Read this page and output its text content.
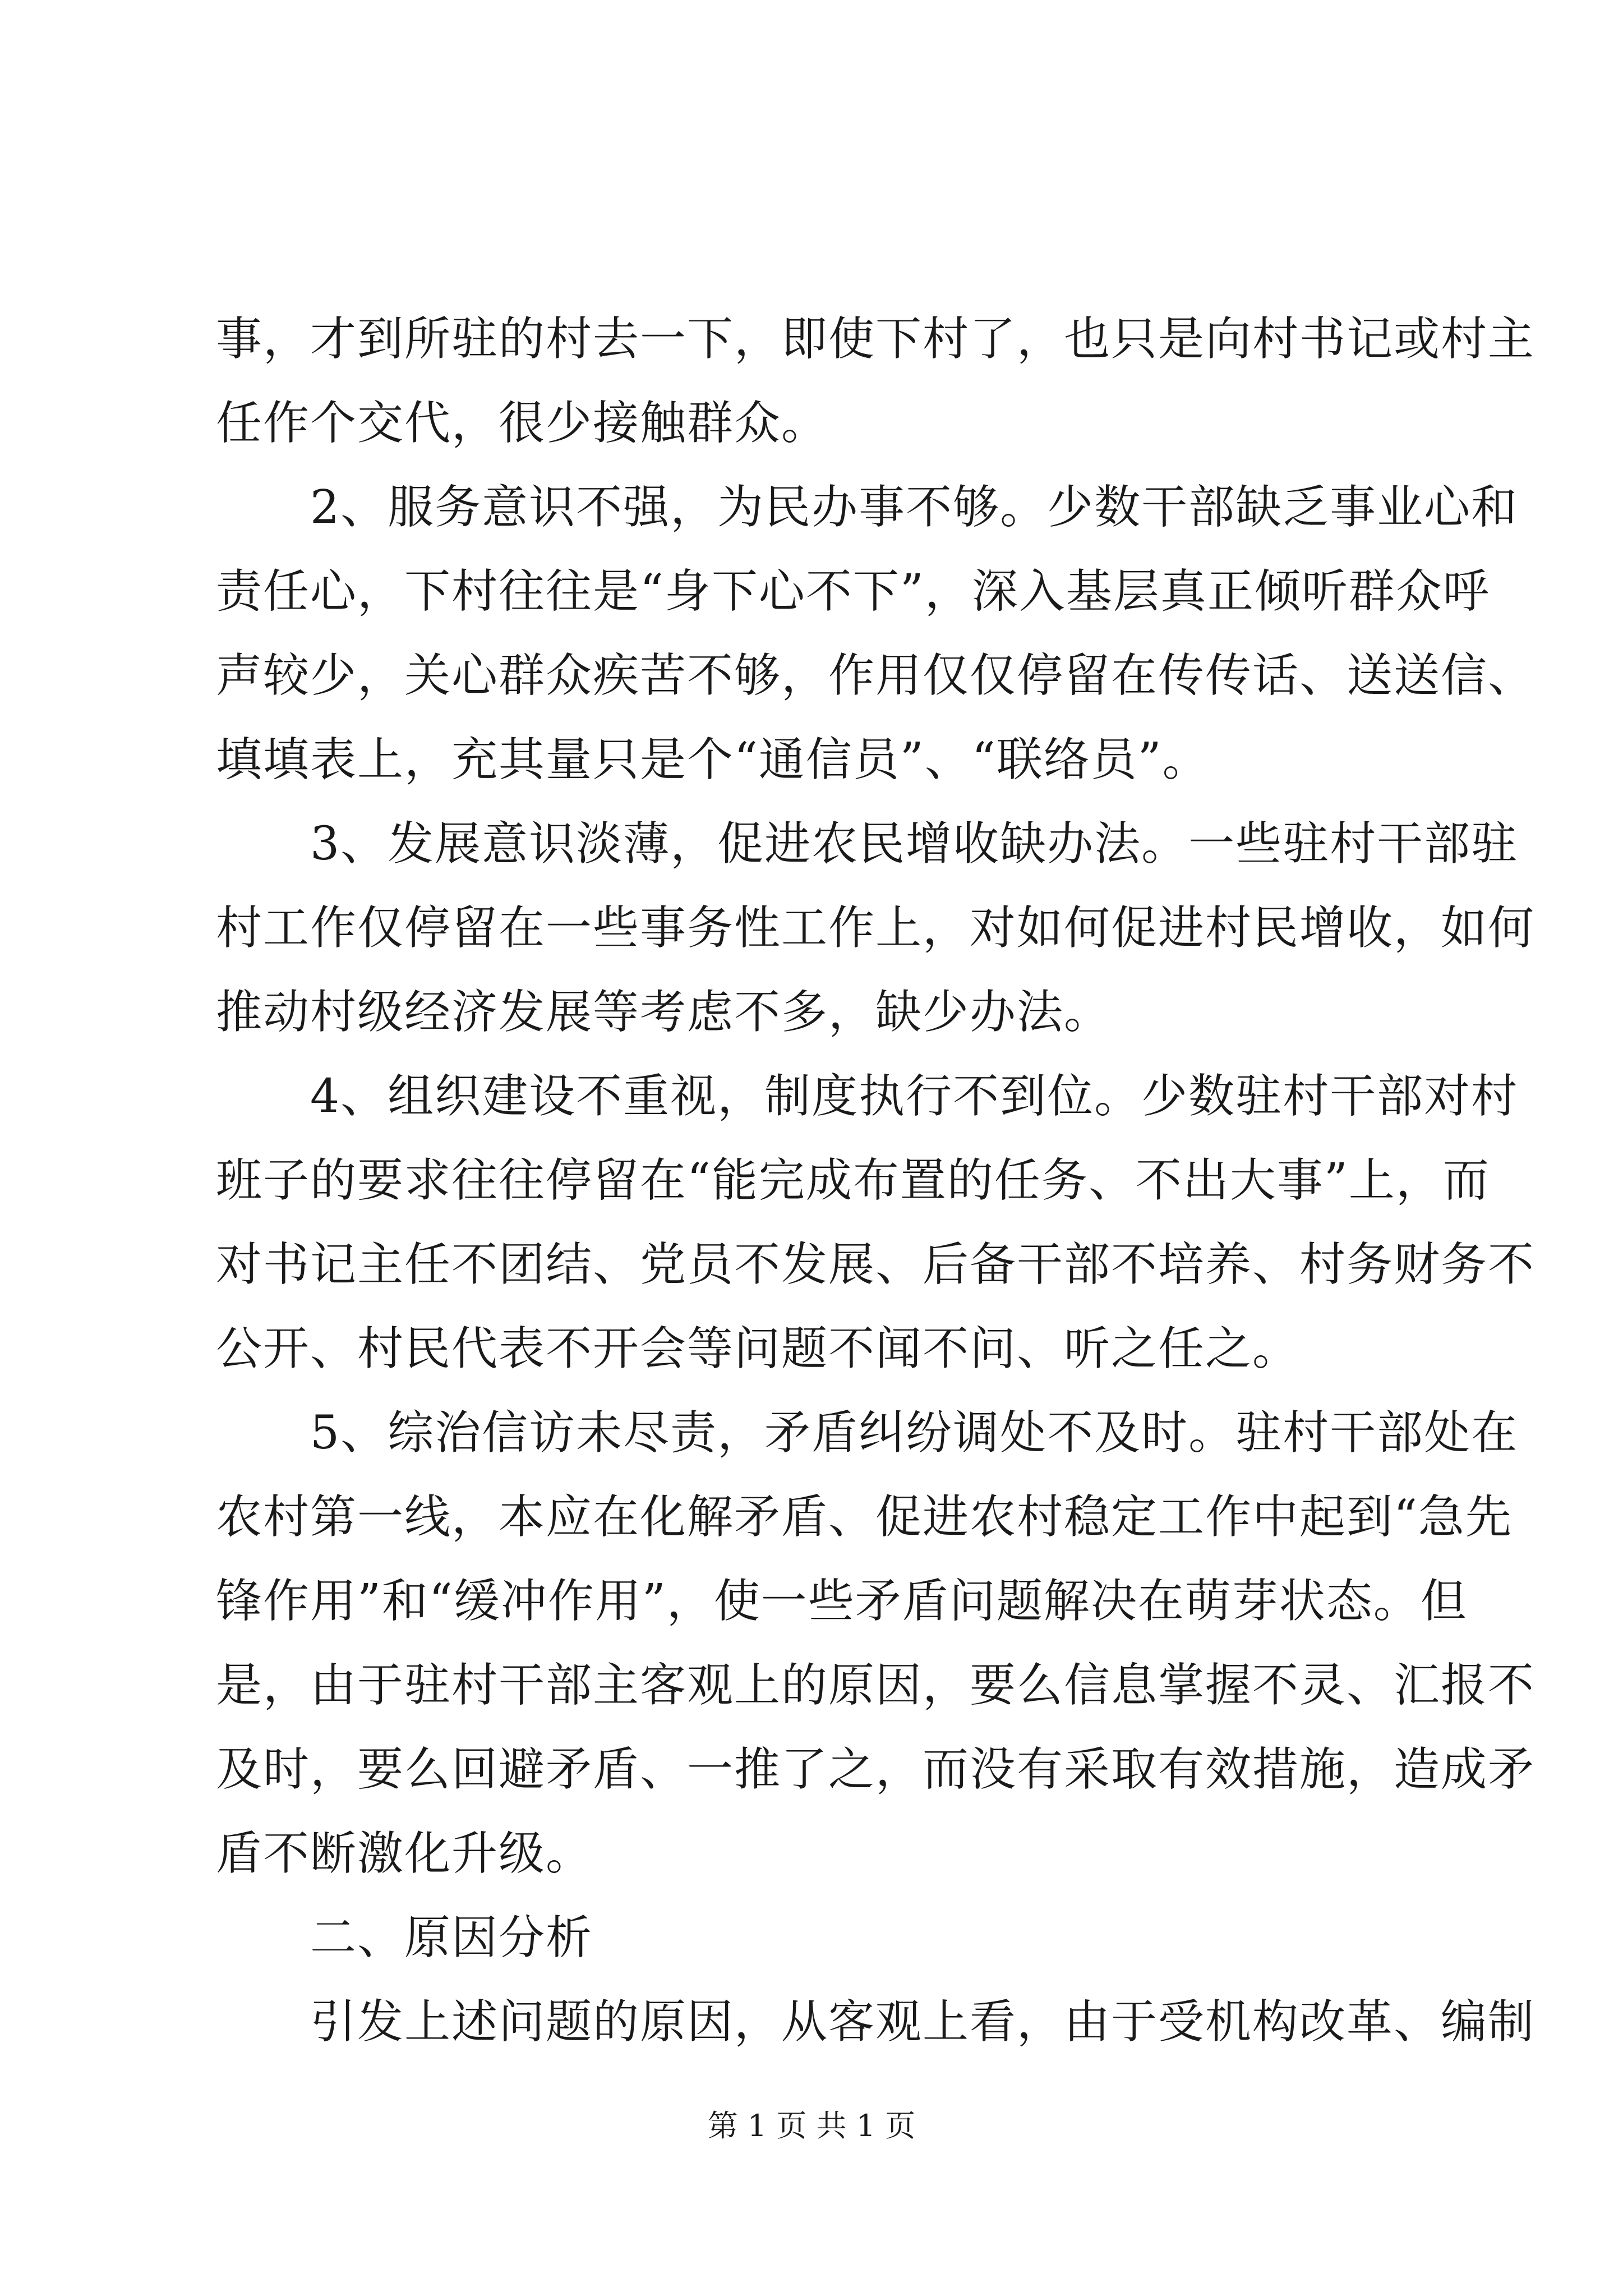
事，才到所驻的村去一下，即使下村了，也只是向村书记或村主
任作个交代，很少接触群众。
　　2、服务意识不强，为民办事不够。少数干部缺乏事业心和
责任心，下村往往是“身下心不下”，深入基层真正倾听群众呼
声较少，关心群众疾苦不够，作用仅仅停留在传传话、送送信、
填填表上，充其量只是个“通信员”、“联络员”。
　　3、发展意识淡薄，促进农民增收缺办法。一些驻村干部驻
村工作仅停留在一些事务性工作上，对如何促进村民增收，如何
推动村级经济发展等考虑不多，缺少办法。
　　4、组织建设不重视，制度执行不到位。少数驻村干部对村
班子的要求往往停留在“能完成布置的任务、不出大事”上，而
对书记主任不团结、党员不发展、后备干部不培养、村务财务不
公开、村民代表不开会等问题不闻不问、听之任之。
　　5、综治信访未尽责，矛盾纠纷调处不及时。驻村干部处在
农村第一线，本应在化解矛盾、促进农村稳定工作中起到“急先
锋作用”和“缓冲作用”，使一些矛盾问题解决在萌芽状态。但
是，由于驻村干部主客观上的原因，要么信息掌握不灵、汇报不
及时，要么回避矛盾、一推了之，而没有采取有效措施，造成矛
盾不断激化升级。
　　二、原因分析
　　引发上述问题的原因，从客观上看，由于受机构改革、编制
第 1 页 共 1 页
